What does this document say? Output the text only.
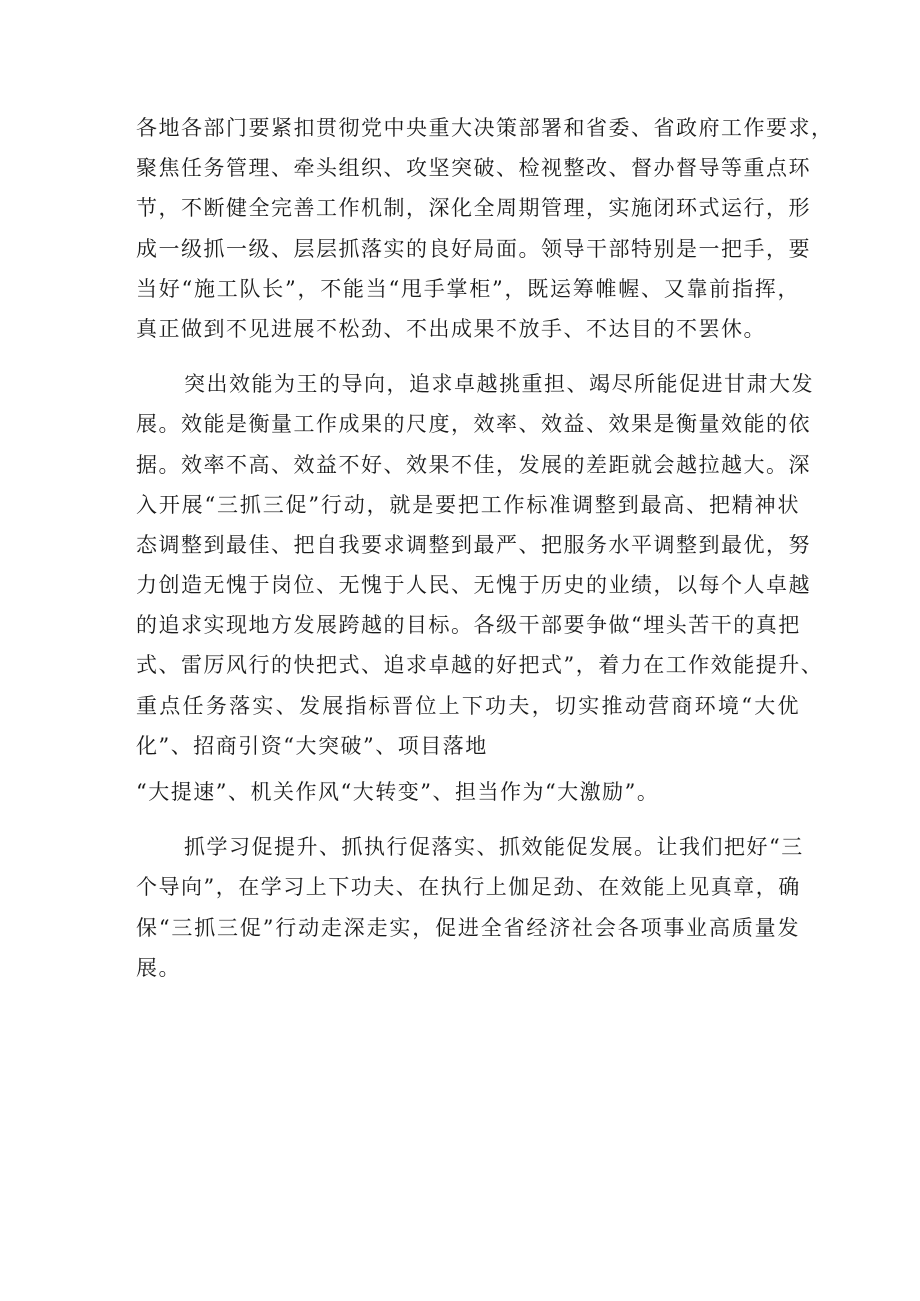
各地各部门要紧扣贯彻党中央重大决策部署和省委、省政府工作要求，
聚焦任务管理、牵头组织、攻坚突破、检视整改、督办督导等重点环
节，不断健全完善工作机制，深化全周期管理，实施闭环式运行，形
成一级抓一级、层层抓落实的良好局面。领导干部特别是一把手，要
当好“施工队长”，不能当“甩手掌柜”，既运筹帷幄、又靠前指挥，
真正做到不见进展不松劲、不出成果不放手、不达目的不罢休。
突出效能为王的导向，追求卓越挑重担、竭尽所能促进甘肃大发
展。效能是衡量工作成果的尺度，效率、效益、效果是衡量效能的依
据。效率不高、效益不好、效果不佳，发展的差距就会越拉越大。深
入开展“三抓三促”行动，就是要把工作标准调整到最高、把精神状
态调整到最佳、把自我要求调整到最严、把服务水平调整到最优，努
力创造无愧于岗位、无愧于人民、无愧于历史的业绩，以每个人卓越
的追求实现地方发展跨越的目标。各级干部要争做“埋头苦干的真把
式、雷厉风行的快把式、追求卓越的好把式”，着力在工作效能提升、
重点任务落实、发展指标晋位上下功夫，切实推动营商环境“大优
化”、招商引资“大突破”、项目落地
“大提速”、机关作风“大转变”、担当作为“大激励”。
抓学习促提升、抓执行促落实、抓效能促发展。让我们把好“三
个导向”，在学习上下功夫、在执行上伽足劲、在效能上见真章，确
保“三抓三促”行动走深走实，促进全省经济社会各项事业高质量发
展。
